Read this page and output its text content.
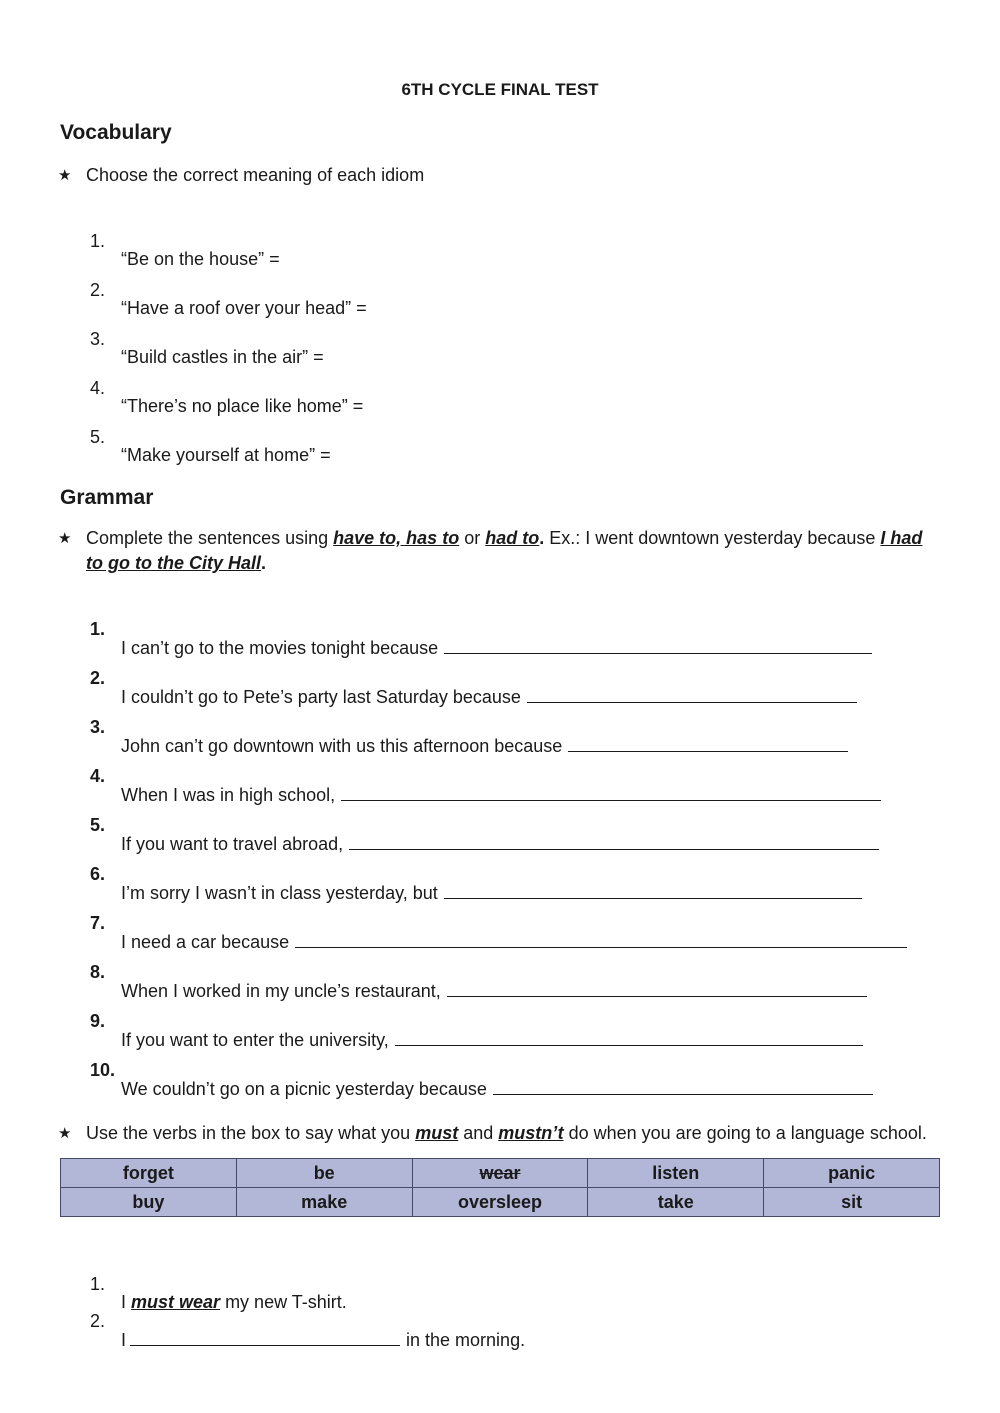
6TH CYCLE FINAL TEST
Vocabulary
★ Choose the correct meaning of each idiom

1.

“Be on the house” =

2.

“Have a roof over your head” =

3.

“Build castles in the air” =

4.

“There’s no place like home” =

5.

“Make yourself at home” =

Grammar
★ Complete the sentences using have to, has to or had to. Ex.: I went downtown yesterday because I had
to go to the City Hall.

1.

I can’t go to the movies tonight because

2.

I couldn’t go to Pete’s party last Saturday because

3.

John can’t go downtown with us this afternoon because

4.

When I was in high school,

5.

If you want to travel abroad,

6.

I’m sorry I wasn’t in class yesterday, but

7.

I need a car because

8.

When I worked in my uncle’s restaurant,

9.

If you want to enter the university,

10.

We couldn’t go on a picnic yesterday because

★ Use the verbs in the box to say what you must and mustn’t do when you are going to a language school.
forget	be	wear	listen	panic
buy	make	oversleep	take	sit

1.

I must wear my new T-shirt.

2.

I	in the morning.
